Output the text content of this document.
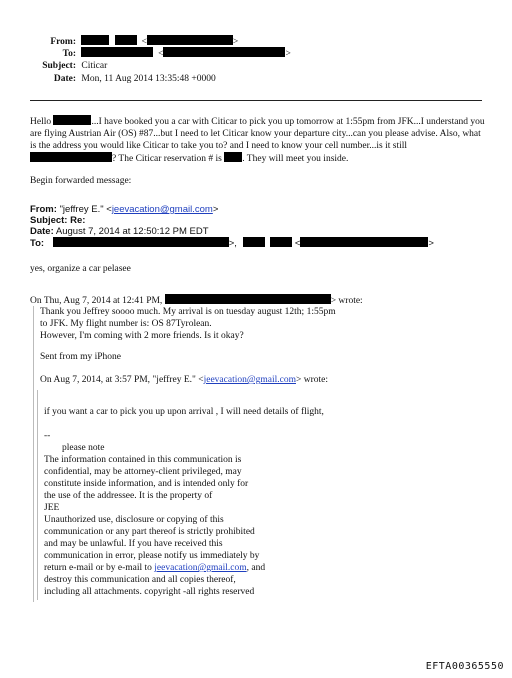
From:	<	>
To:	<	>
Subject: Citicar
Date: Mon, 11 Aug 2014 13:35:48 +0000
Hello	...I have booked you a car with Citicar to pick you up tomorrow at 1:55pm from JFK...I understand you are flying Austrian Air (OS) #87...but I need to let Citicar know your departure city...can you please advise. Also, what is the address you would like Citicar to take you to? and I need to know your cell number...is it still ? The Citicar reservation # is . They will meet you inside.
Begin forwarded message:
From: "jeffrey E." <jeevacation@gmail.com>
Subject: Re:
Date: August 7, 2014 at 12:50:12 PM EDT
To:	>,	<	>
yes, organize a car pelasee
On Thu, Aug 7, 2014 at 12:41 PM,	> wrote:
Thank you Jeffrey soooo much. My arrival is on tuesday august 12th; 1:55pm
to JFK. My flight number is: OS 87Tyrolean.
However, I'm coming with 2 more friends. Is it okay?
Sent from my iPhone
On Aug 7, 2014, at 3:57 PM, "jeffrey E." <jeevacation@gmail.com> wrote:
if you want a car to pick you up upon arrival , I will need details of flight,
--
please note
The information contained in this communication is
confidential, may be attorney-client privileged, may
constitute inside information, and is intended only for
the use of the addressee. It is the property of
JEE
Unauthorized use, disclosure or copying of this
communication or any part thereof is strictly prohibited
and may be unlawful. If you have received this
communication in error, please notify us immediately by
return e-mail or by e-mail to jeevacation@gmail.com, and
destroy this communication and all copies thereof,
including all attachments. copyright -all rights reserved
EFTA00365550
